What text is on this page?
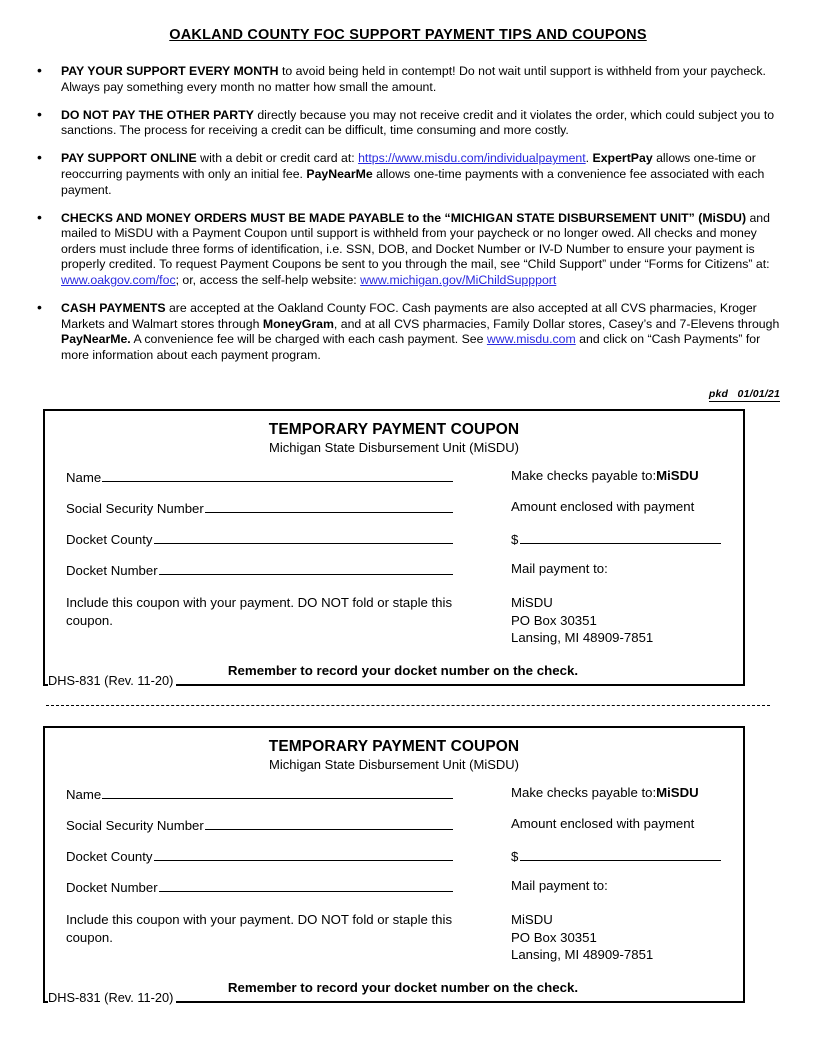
OAKLAND COUNTY FOC SUPPORT PAYMENT TIPS AND COUPONS
• PAY YOUR SUPPORT EVERY MONTH to avoid being held in contempt! Do not wait until support is withheld from your paycheck. Always pay something every month no matter how small the amount.
• DO NOT PAY THE OTHER PARTY directly because you may not receive credit and it violates the order, which could subject you to sanctions. The process for receiving a credit can be difficult, time consuming and more costly.
• PAY SUPPORT ONLINE with a debit or credit card at: https://www.misdu.com/individualpayment. ExpertPay allows one-time or reoccurring payments with only an initial fee. PayNearMe allows one-time payments with a convenience fee associated with each payment.
• CHECKS AND MONEY ORDERS MUST BE MADE PAYABLE to the “MICHIGAN STATE DISBURSEMENT UNIT” (MiSDU) and mailed to MiSDU with a Payment Coupon until support is withheld from your paycheck or no longer owed. All checks and money orders must include three forms of identification, i.e. SSN, DOB, and Docket Number or IV-D Number to ensure your payment is properly credited. To request Payment Coupons be sent to you through the mail, see “Child Support” under “Forms for Citizens” at: www.oakgov.com/foc; or, access the self-help website: www.michigan.gov/MiChildSuppport
• CASH PAYMENTS are accepted at the Oakland County FOC. Cash payments are also accepted at all CVS pharmacies, Kroger Markets and Walmart stores through MoneyGram, and at all CVS pharmacies, Family Dollar stores, Casey’s and 7-Elevens through PayNearMe. A convenience fee will be charged with each cash payment. See www.misdu.com and click on “Cash Payments” for more information about each payment program.
pkd   01/01/21
TEMPORARY PAYMENT COUPON
Michigan State Disbursement Unit (MiSDU)
Name	Make checks payable to: MiSDU
Social Security Number	Amount enclosed with payment
Docket County	$
Docket Number	Mail payment to:
Include this coupon with your payment. DO NOT fold or staple this coupon.
MiSDU
PO Box 30351
Lansing, MI 48909-7851
Remember to record your docket number on the check.
DHS-831 (Rev. 11-20)
TEMPORARY PAYMENT COUPON
Michigan State Disbursement Unit (MiSDU)
Name	Make checks payable to: MiSDU
Social Security Number	Amount enclosed with payment
Docket County	$
Docket Number	Mail payment to:
Include this coupon with your payment. DO NOT fold or staple this coupon.
MiSDU
PO Box 30351
Lansing, MI 48909-7851
Remember to record your docket number on the check.
DHS-831 (Rev. 11-20)
